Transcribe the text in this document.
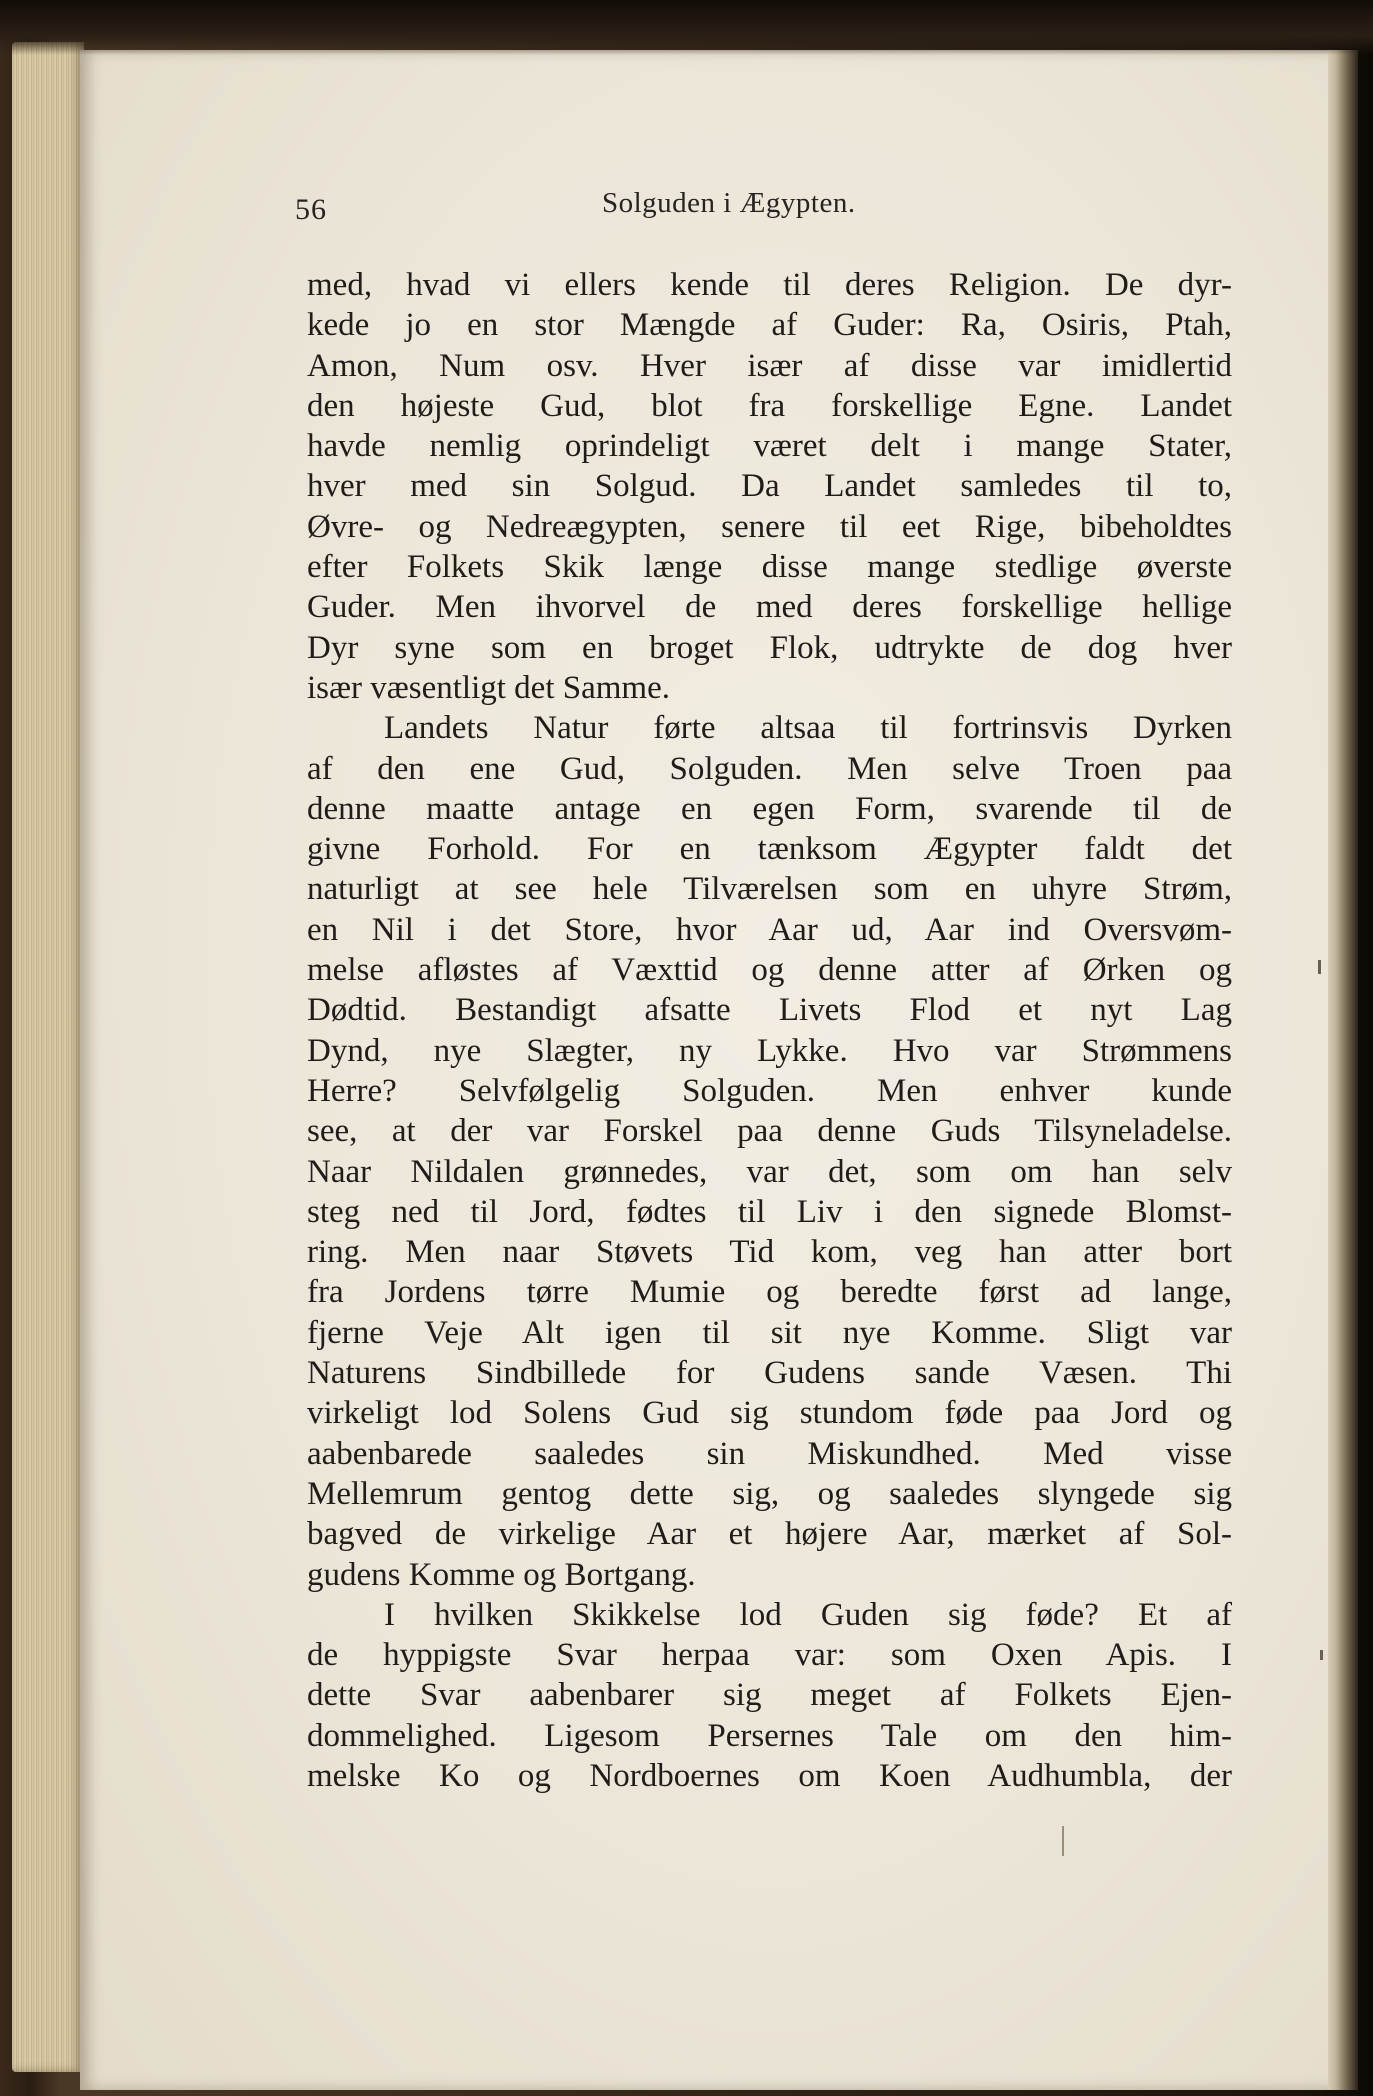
56	Solguden i Ægypten.
med, hvad vi ellers kende til deres Religion. De dyr-
kede jo en stor Mængde af Guder: Ra, Osiris, Ptah,
Amon, Num osv. Hver især af disse var imidlertid
den højeste Gud, blot fra forskellige Egne. Landet
havde nemlig oprindeligt været delt i mange Stater,
hver med sin Solgud. Da Landet samledes til to,
Øvre- og Nedreægypten, senere til eet Rige, bibeholdtes
efter Folkets Skik længe disse mange stedlige øverste
Guder. Men ihvorvel de med deres forskellige hellige
Dyr syne som en broget Flok, udtrykte de dog hver
især væsentligt det Samme.
Landets Natur førte altsaa til fortrinsvis Dyrken
af den ene Gud, Solguden. Men selve Troen paa
denne maatte antage en egen Form, svarende til de
givne Forhold. For en tænksom Ægypter faldt det
naturligt at see hele Tilværelsen som en uhyre Strøm,
en Nil i det Store, hvor Aar ud, Aar ind Oversvøm-
melse afløstes af Væxttid og denne atter af Ørken og
Dødtid. Bestandigt afsatte Livets Flod et nyt Lag
Dynd, nye Slægter, ny Lykke. Hvo var Strømmens
Herre? Selvfølgelig Solguden. Men enhver kunde
see, at der var Forskel paa denne Guds Tilsyneladelse.
Naar Nildalen grønnedes, var det, som om han selv
steg ned til Jord, fødtes til Liv i den signede Blomst-
ring. Men naar Støvets Tid kom, veg han atter bort
fra Jordens tørre Mumie og beredte først ad lange,
fjerne Veje Alt igen til sit nye Komme. Sligt var
Naturens Sindbillede for Gudens sande Væsen. Thi
virkeligt lod Solens Gud sig stundom føde paa Jord og
aabenbarede saaledes sin Miskundhed. Med visse
Mellemrum gentog dette sig, og saaledes slyngede sig
bagved de virkelige Aar et højere Aar, mærket af Sol-
gudens Komme og Bortgang.
I hvilken Skikkelse lod Guden sig føde? Et af
de hyppigste Svar herpaa var: som Oxen Apis. I
dette Svar aabenbarer sig meget af Folkets Ejen-
dommelighed. Ligesom Persernes Tale om den him-
melske Ko og Nordboernes om Koen Audhumbla, der
